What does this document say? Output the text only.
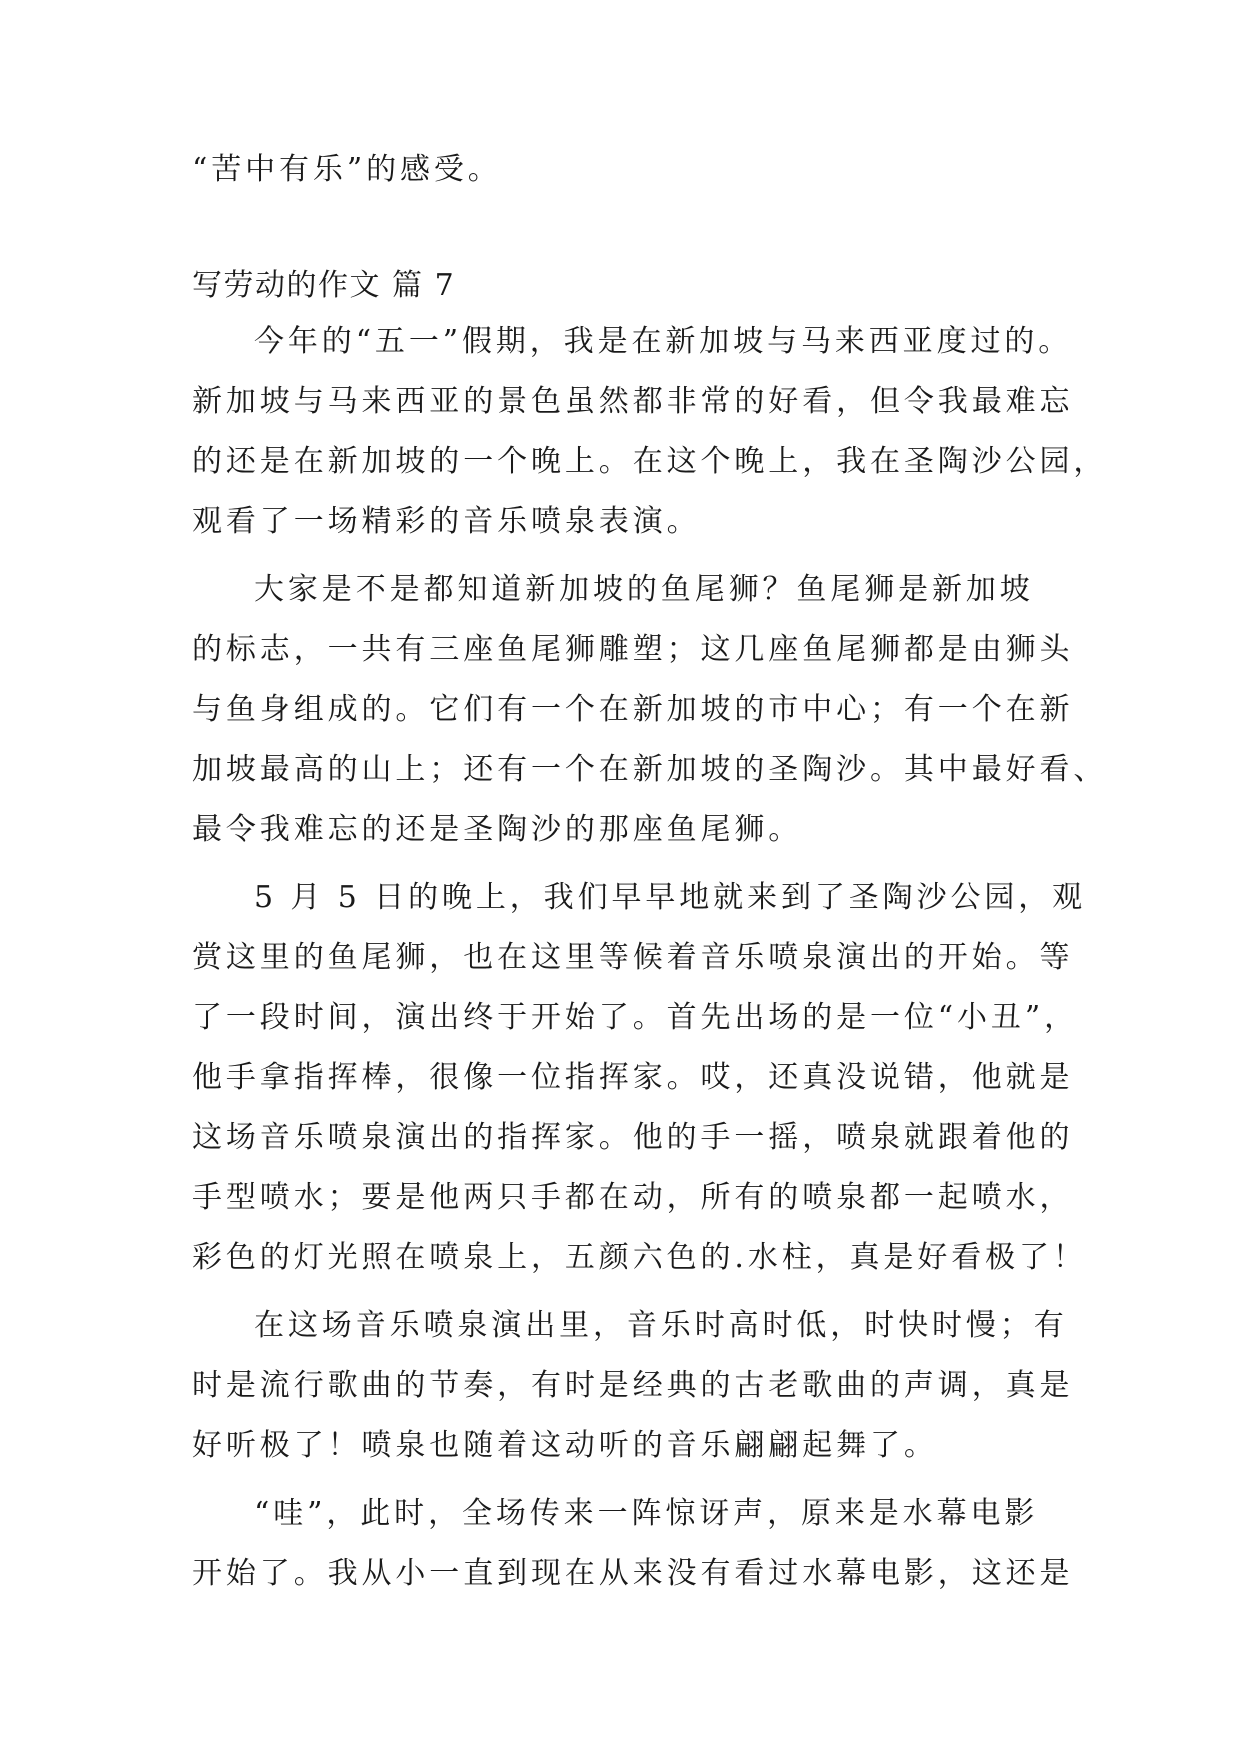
“苦中有乐”的感受。
写劳动的作文 篇 7
今年的“五一”假期，我是在新加坡与马来西亚度过的。
新加坡与马来西亚的景色虽然都非常的好看，但令我最难忘
的还是在新加坡的一个晚上。在这个晚上，我在圣陶沙公园，
观看了一场精彩的音乐喷泉表演。
大家是不是都知道新加坡的鱼尾狮？鱼尾狮是新加坡
的标志，一共有三座鱼尾狮雕塑；这几座鱼尾狮都是由狮头
与鱼身组成的。它们有一个在新加坡的市中心；有一个在新
加坡最高的山上；还有一个在新加坡的圣陶沙。其中最好看、
最令我难忘的还是圣陶沙的那座鱼尾狮。
5 月 5 日的晚上，我们早早地就来到了圣陶沙公园，观
赏这里的鱼尾狮，也在这里等候着音乐喷泉演出的开始。等
了一段时间，演出终于开始了。首先出场的是一位“小丑”，
他手拿指挥棒，很像一位指挥家。哎，还真没说错，他就是
这场音乐喷泉演出的指挥家。他的手一摇，喷泉就跟着他的
手型喷水；要是他两只手都在动，所有的喷泉都一起喷水，
彩色的灯光照在喷泉上，五颜六色的.水柱，真是好看极了！
在这场音乐喷泉演出里，音乐时高时低，时快时慢；有
时是流行歌曲的节奏，有时是经典的古老歌曲的声调，真是
好听极了！喷泉也随着这动听的音乐翩翩起舞了。
“哇”，此时，全场传来一阵惊讶声，原来是水幕电影
开始了。我从小一直到现在从来没有看过水幕电影，这还是
